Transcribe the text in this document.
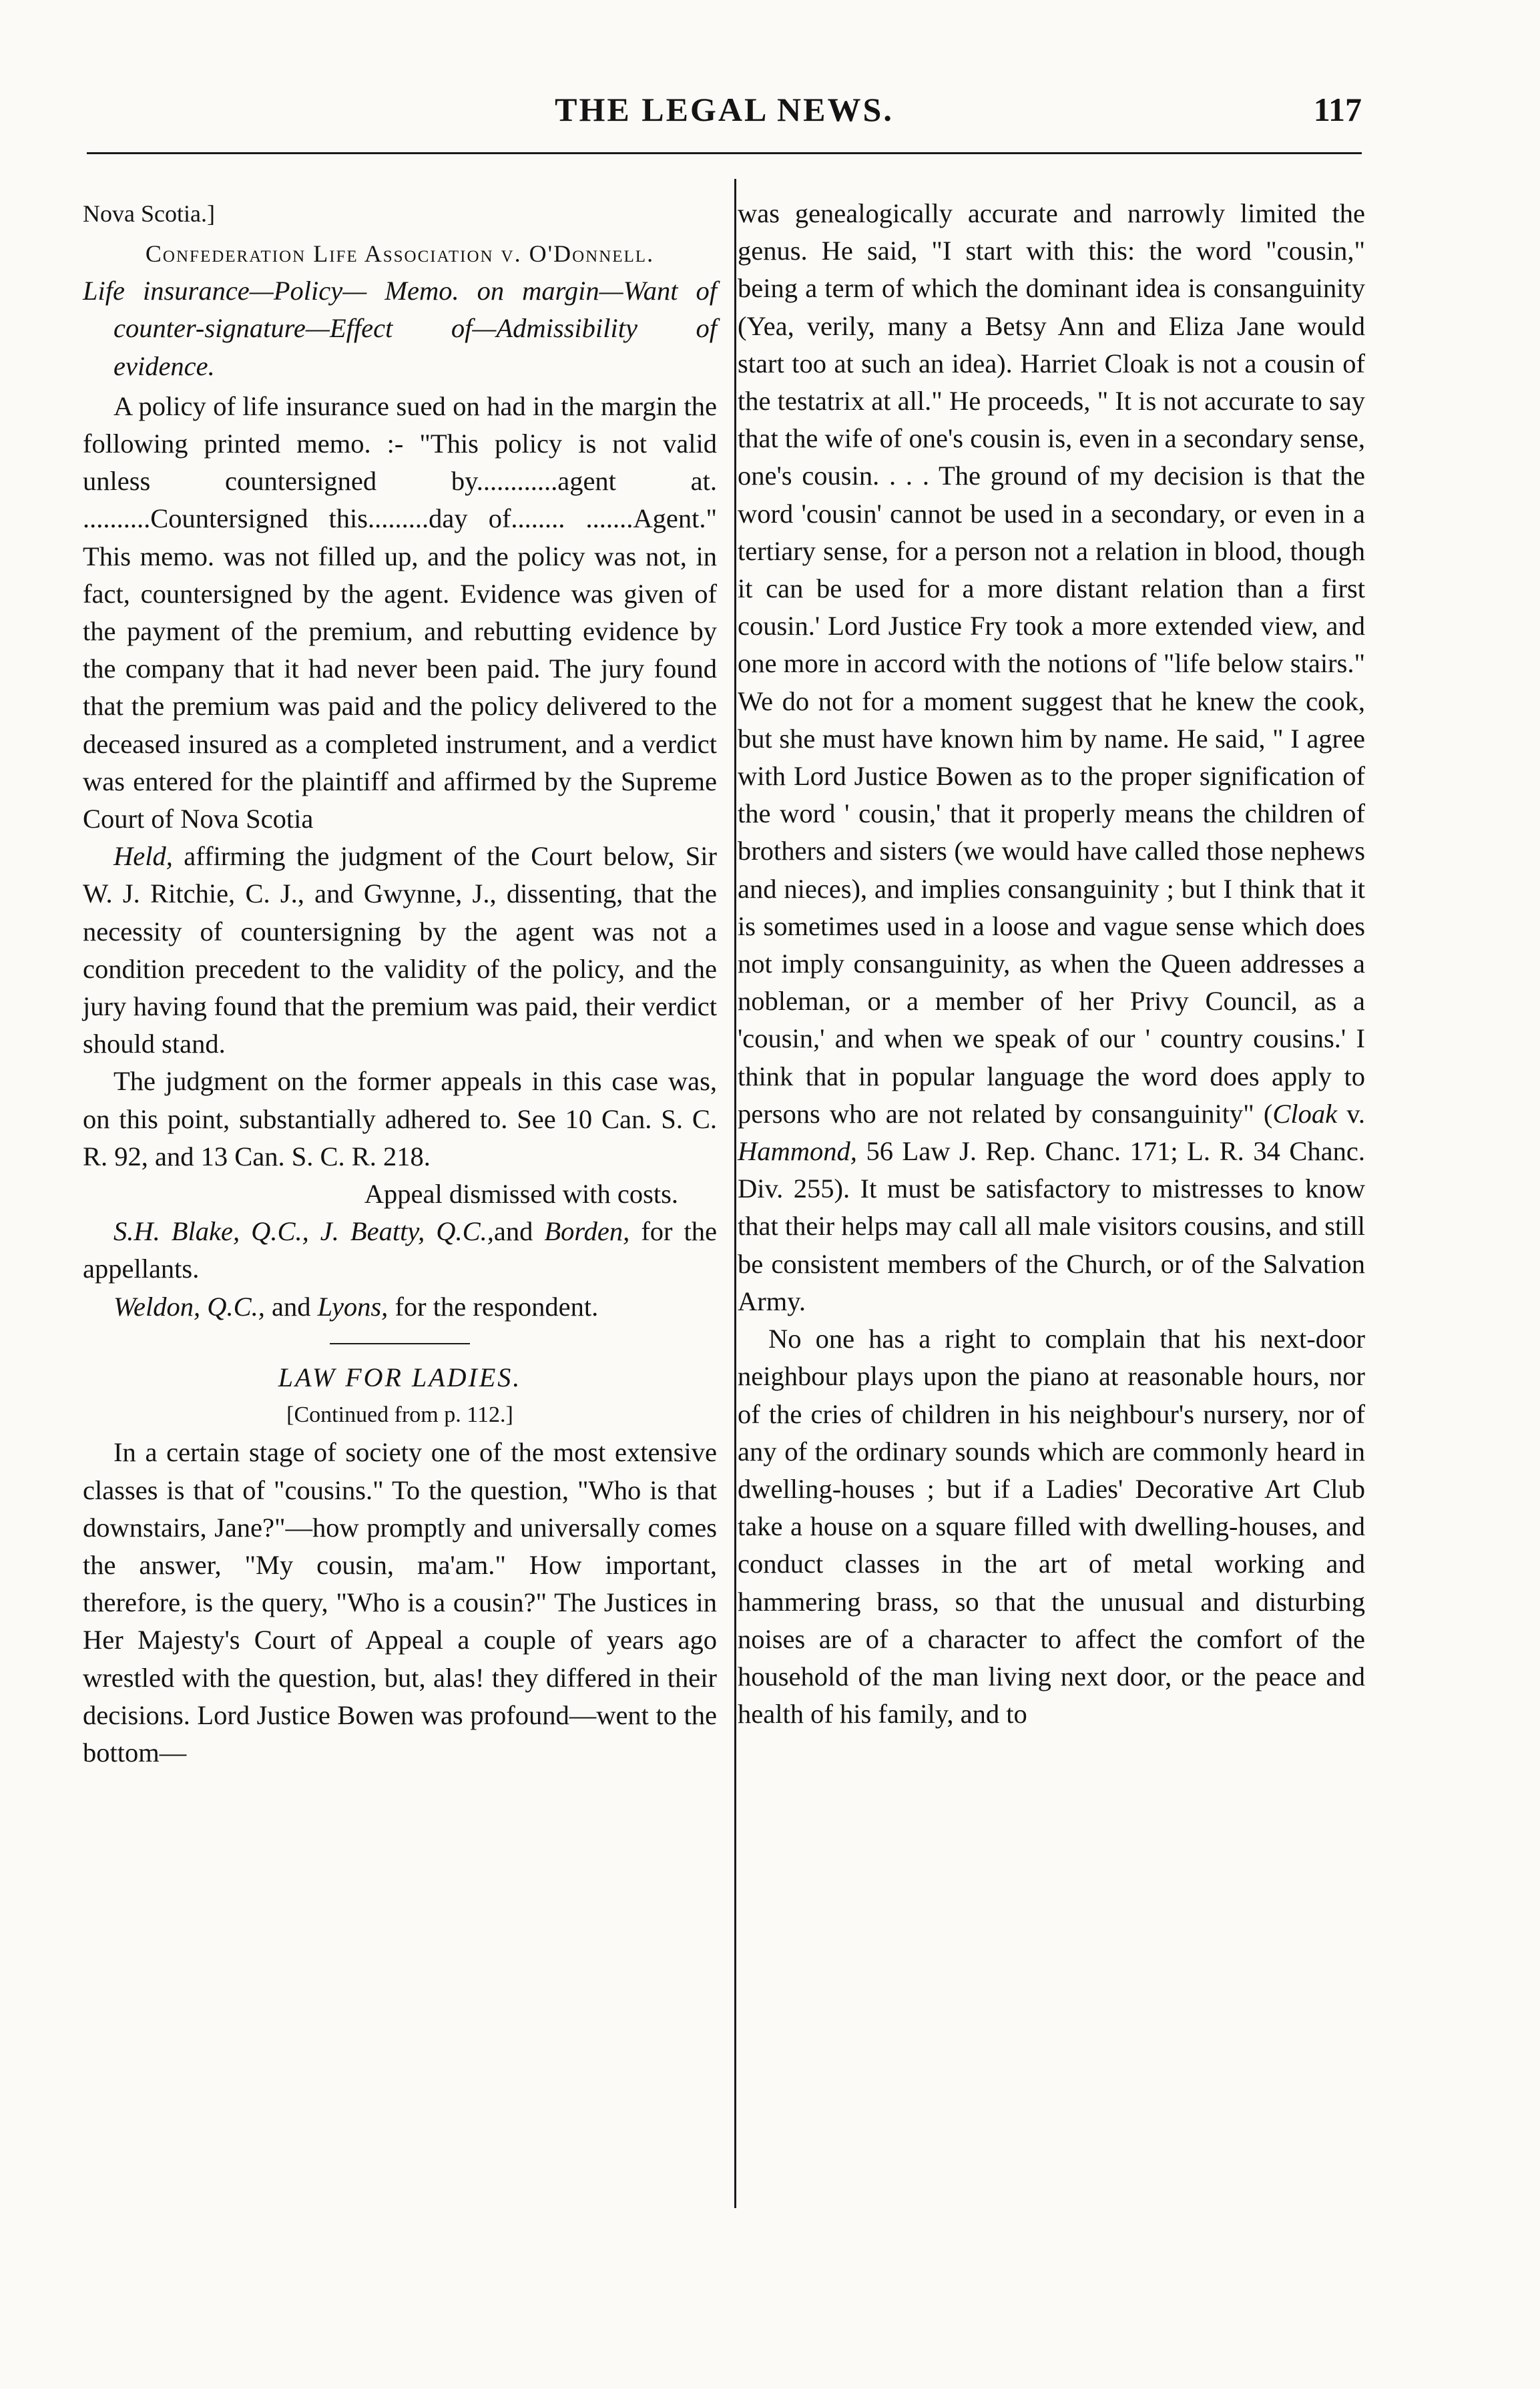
THE LEGAL NEWS.	117

Nova Scotia.]

Confederation Life Association v. O'Donnell.

Life insurance—Policy— Memo. on margin—Want of counter-signature—Effect of—Admissibility of evidence.

A policy of life insurance sued on had in the margin the following printed memo. :- "This policy is not valid unless countersigned by............agent at. ..........Countersigned this.........day of........ .......Agent." This memo. was not filled up, and the policy was not, in fact, countersigned by the agent. Evidence was given of the payment of the premium, and rebutting evidence by the company that it had never been paid. The jury found that the premium was paid and the policy delivered to the deceased insured as a completed instrument, and a verdict was entered for the plaintiff and affirmed by the Supreme Court of Nova Scotia

Held, affirming the judgment of the Court below, Sir W. J. Ritchie, C. J., and Gwynne, J., dissenting, that the necessity of countersigning by the agent was not a condition precedent to the validity of the policy, and the jury having found that the premium was paid, their verdict should stand.

The judgment on the former appeals in this case was, on this point, substantially adhered to. See 10 Can. S. C. R. 92, and 13 Can. S. C. R. 218.

Appeal dismissed with costs.

S.H. Blake, Q.C., J. Beatty, Q.C.,and Borden, for the appellants.

Weldon, Q.C., and Lyons, for the respondent.

LAW FOR LADIES.

[Continued from p. 112.]

In a certain stage of society one of the most extensive classes is that of "cousins." To the question, "Who is that downstairs, Jane?"—how promptly and universally comes the answer, "My cousin, ma'am." How important, therefore, is the query, "Who is a cousin?" The Justices in Her Majesty's Court of Appeal a couple of years ago wrestled with the question, but, alas! they differed in their decisions. Lord Justice Bowen was profound—went to the bottom—

was genealogically accurate and narrowly limited the genus. He said, "I start with this: the word "cousin," being a term of which the dominant idea is consanguinity (Yea, verily, many a Betsy Ann and Eliza Jane would start too at such an idea). Harriet Cloak is not a cousin of the testatrix at all." He proceeds, " It is not accurate to say that the wife of one's cousin is, even in a secondary sense, one's cousin. . . . The ground of my decision is that the word 'cousin' cannot be used in a secondary, or even in a tertiary sense, for a person not a relation in blood, though it can be used for a more distant relation than a first cousin.' Lord Justice Fry took a more extended view, and one more in accord with the notions of "life below stairs." We do not for a moment suggest that he knew the cook, but she must have known him by name. He said, " I agree with Lord Justice Bowen as to the proper signification of the word ' cousin,' that it properly means the children of brothers and sisters (we would have called those nephews and nieces), and implies consanguinity ; but I think that it is sometimes used in a loose and vague sense which does not imply consanguinity, as when the Queen addresses a nobleman, or a member of her Privy Council, as a 'cousin,' and when we speak of our ' country cousins.' I think that in popular language the word does apply to persons who are not related by consanguinity" (Cloak v. Hammond, 56 Law J. Rep. Chanc. 171; L. R. 34 Chanc. Div. 255). It must be satisfactory to mistresses to know that their helps may call all male visitors cousins, and still be consistent members of the Church, or of the Salvation Army.

No one has a right to complain that his next-door neighbour plays upon the piano at reasonable hours, nor of the cries of children in his neighbour's nursery, nor of any of the ordinary sounds which are commonly heard in dwelling-houses ; but if a Ladies' Decorative Art Club take a house on a square filled with dwelling-houses, and conduct classes in the art of metal working and hammering brass, so that the unusual and disturbing noises are of a character to affect the comfort of the household of the man living next door, or the peace and health of his family, and to
